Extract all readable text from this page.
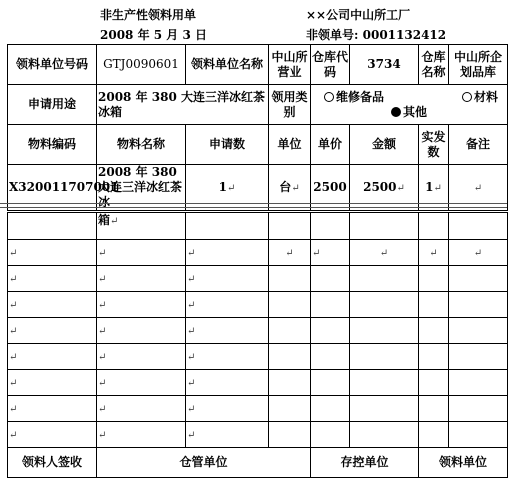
非生产性领料用单
2008 年 5 月 3 日
××公司中山所工厂
非领单号: 0001132412
领料单位号码	GTJ0090601	领料单位名称	中山所营业	仓库代码	3734	仓库名称	中山所企划品库
申请用途	2008 年 380 大连三洋冰红茶冰箱		领用类别	维修备品 材料
其他			

物料编码	物料名称	申请数	单位	单价	金额	实发数	备注
X320011707001	2008 年 380 大连三洋冰红茶冰	1↵	台↵	2500	2500↵	1↵	↵
	箱↵						
↵	↵	↵	↵	↵	↵	↵	↵
↵	↵	↵					
↵	↵	↵					
↵	↵	↵					
↵	↵	↵					
↵	↵	↵					
↵	↵	↵					
↵	↵	↵					
领料人签收	仓管单位			存控单位		领料单位	
